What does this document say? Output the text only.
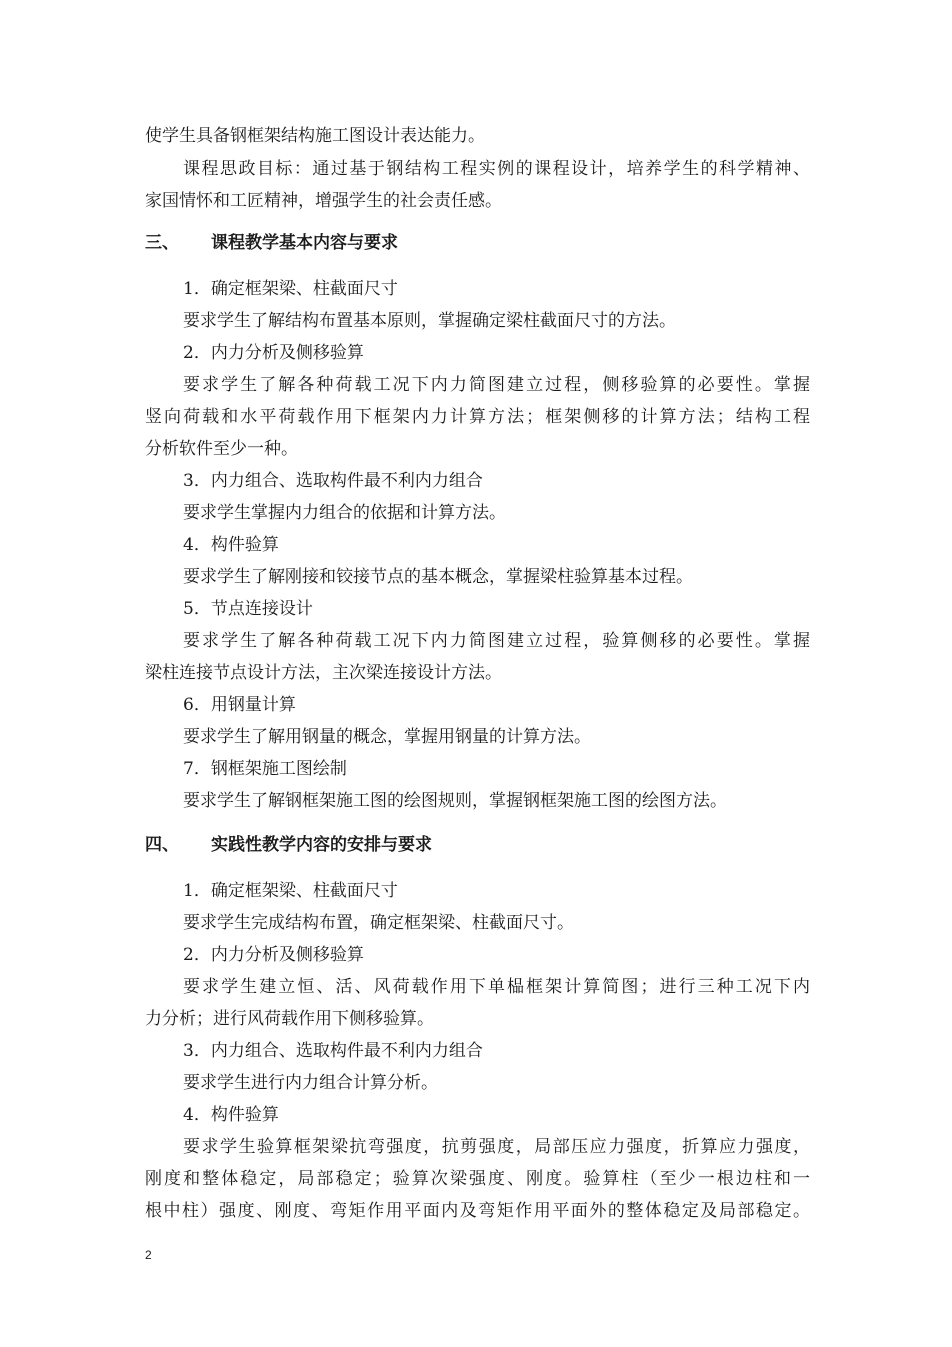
使学生具备钢框架结构施工图设计表达能力。
课程思政目标：通过基于钢结构工程实例的课程设计，培养学生的科学精神、
家国情怀和工匠精神，增强学生的社会责任感。
三、 课程教学基本内容与要求
1．确定框架梁、柱截面尺寸
要求学生了解结构布置基本原则，掌握确定梁柱截面尺寸的方法。
2．内力分析及侧移验算
要求学生了解各种荷载工况下内力简图建立过程，侧移验算的必要性。掌握
竖向荷载和水平荷载作用下框架内力计算方法；框架侧移的计算方法；结构工程
分析软件至少一种。
3．内力组合、选取构件最不利内力组合
要求学生掌握内力组合的依据和计算方法。
4．构件验算
要求学生了解刚接和铰接节点的基本概念，掌握梁柱验算基本过程。
5．节点连接设计
要求学生了解各种荷载工况下内力简图建立过程，验算侧移的必要性。掌握
梁柱连接节点设计方法，主次梁连接设计方法。
6．用钢量计算
要求学生了解用钢量的概念，掌握用钢量的计算方法。
7．钢框架施工图绘制
要求学生了解钢框架施工图的绘图规则，掌握钢框架施工图的绘图方法。
四、 实践性教学内容的安排与要求
1．确定框架梁、柱截面尺寸
要求学生完成结构布置，确定框架梁、柱截面尺寸。
2．内力分析及侧移验算
要求学生建立恒、活、风荷载作用下单榀框架计算简图；进行三种工况下内
力分析；进行风荷载作用下侧移验算。
3．内力组合、选取构件最不利内力组合
要求学生进行内力组合计算分析。
4．构件验算
要求学生验算框架梁抗弯强度，抗剪强度，局部压应力强度，折算应力强度，
刚度和整体稳定，局部稳定；验算次梁强度、刚度。验算柱（至少一根边柱和一
根中柱）强度、刚度、弯矩作用平面内及弯矩作用平面外的整体稳定及局部稳定。
2
